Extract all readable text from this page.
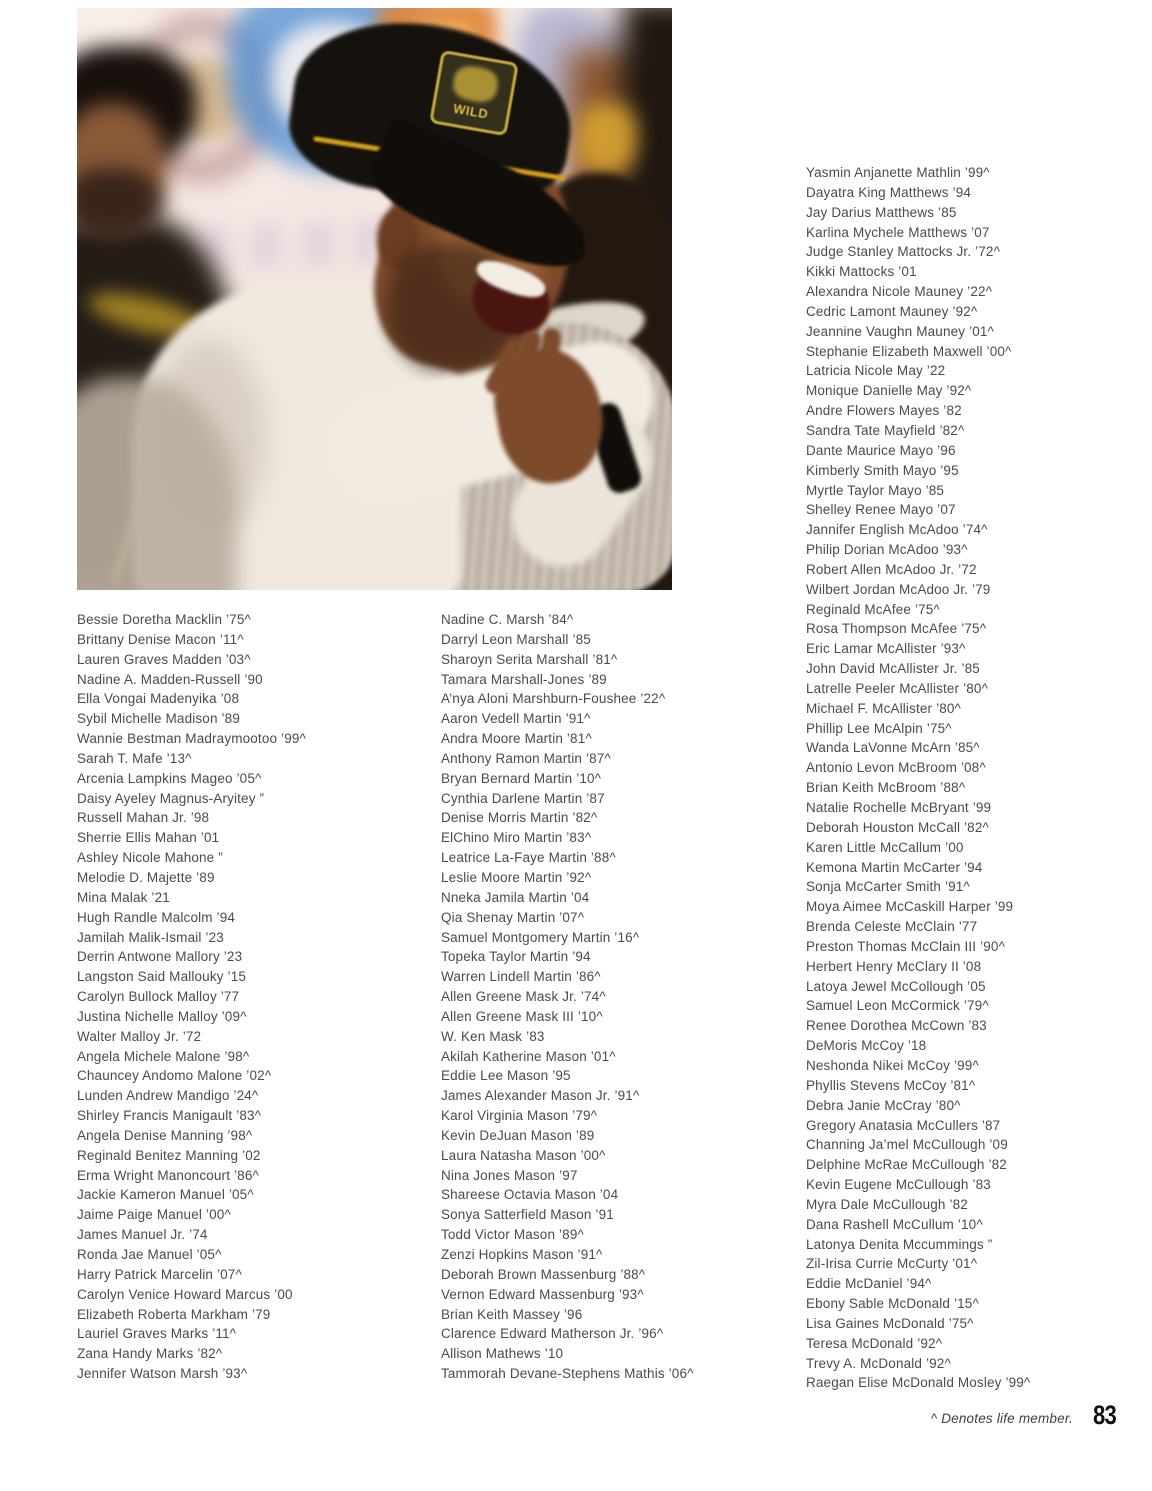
WILD
Bessie Doretha Macklin ’75^
Brittany Denise Macon ’11^
Lauren Graves Madden ’03^
Nadine A. Madden-Russell ’90
Ella Vongai Madenyika ’08
Sybil Michelle Madison ’89
Wannie Bestman Madraymootoo ’99^
Sarah T. Mafe ’13^
Arcenia Lampkins Mageo ’05^
Daisy Ayeley Magnus-Aryitey ”
Russell Mahan Jr. ’98
Sherrie Ellis Mahan ’01
Ashley Nicole Mahone ”
Melodie D. Majette ’89
Mina Malak ’21
Hugh Randle Malcolm ’94
Jamilah Malik-Ismail ’23
Derrin Antwone Mallory ’23
Langston Said Mallouky ’15
Carolyn Bullock Malloy ’77
Justina Nichelle Malloy ’09^
Walter Malloy Jr. ’72
Angela Michele Malone ’98^
Chauncey Andomo Malone ’02^
Lunden Andrew Mandigo ’24^
Shirley Francis Manigault ’83^
Angela Denise Manning ’98^
Reginald Benitez Manning ’02
Erma Wright Manoncourt ’86^
Jackie Kameron Manuel ’05^
Jaime Paige Manuel ’00^
James Manuel Jr. ’74
Ronda Jae Manuel ’05^
Harry Patrick Marcelin ’07^
Carolyn Venice Howard Marcus ’00
Elizabeth Roberta Markham ’79
Lauriel Graves Marks ’11^
Zana Handy Marks ’82^
Jennifer Watson Marsh ’93^
Nadine C. Marsh ’84^
Darryl Leon Marshall ’85
Sharoyn Serita Marshall ’81^
Tamara Marshall-Jones ’89
A’nya Aloni Marshburn-Foushee ’22^
Aaron Vedell Martin ’91^
Andra Moore Martin ’81^
Anthony Ramon Martin ’87^
Bryan Bernard Martin ’10^
Cynthia Darlene Martin ’87
Denise Morris Martin ’82^
ElChino Miro Martin ’83^
Leatrice La-Faye Martin ’88^
Leslie Moore Martin ’92^
Nneka Jamila Martin ’04
Qia Shenay Martin ’07^
Samuel Montgomery Martin ’16^
Topeka Taylor Martin ’94
Warren Lindell Martin ’86^
Allen Greene Mask Jr. ’74^
Allen Greene Mask III ’10^
W. Ken Mask ’83
Akilah Katherine Mason ’01^
Eddie Lee Mason ’95
James Alexander Mason Jr. ’91^
Karol Virginia Mason ’79^
Kevin DeJuan Mason ’89
Laura Natasha Mason ’00^
Nina Jones Mason ’97
Shareese Octavia Mason ’04
Sonya Satterfield Mason ’91
Todd Victor Mason ’89^
Zenzi Hopkins Mason ’91^
Deborah Brown Massenburg ’88^
Vernon Edward Massenburg ’93^
Brian Keith Massey ’96
Clarence Edward Matherson Jr. ’96^
Allison Mathews ’10
Tammorah Devane-Stephens Mathis ’06^
Yasmin Anjanette Mathlin ’99^
Dayatra King Matthews ’94
Jay Darius Matthews ’85
Karlina Mychele Matthews ’07
Judge Stanley Mattocks Jr. ’72^
Kikki Mattocks ’01
Alexandra Nicole Mauney ’22^
Cedric Lamont Mauney ’92^
Jeannine Vaughn Mauney ’01^
Stephanie Elizabeth Maxwell ’00^
Latricia Nicole May ’22
Monique Danielle May ’92^
Andre Flowers Mayes ’82
Sandra Tate Mayfield ’82^
Dante Maurice Mayo ’96
Kimberly Smith Mayo ’95
Myrtle Taylor Mayo ’85
Shelley Renee Mayo ’07
Jannifer English McAdoo ’74^
Philip Dorian McAdoo ’93^
Robert Allen McAdoo Jr. ’72
Wilbert Jordan McAdoo Jr. ’79
Reginald McAfee ’75^
Rosa Thompson McAfee ’75^
Eric Lamar McAllister ’93^
John David McAllister Jr. ’85
Latrelle Peeler McAllister ’80^
Michael F. McAllister ’80^
Phillip Lee McAlpin ’75^
Wanda LaVonne McArn ’85^
Antonio Levon McBroom ’08^
Brian Keith McBroom ’88^
Natalie Rochelle McBryant ’99
Deborah Houston McCall ’82^
Karen Little McCallum ’00
Kemona Martin McCarter ’94
Sonja McCarter Smith ’91^
Moya Aimee McCaskill Harper ’99
Brenda Celeste McClain ’77
Preston Thomas McClain III ’90^
Herbert Henry McClary II ’08
Latoya Jewel McCollough ’05
Samuel Leon McCormick ’79^
Renee Dorothea McCown ’83
DeMoris McCoy ’18
Neshonda Nikei McCoy ’99^
Phyllis Stevens McCoy ’81^
Debra Janie McCray ’80^
Gregory Anatasia McCullers ’87
Channing Ja’mel McCullough ’09
Delphine McRae McCullough ’82
Kevin Eugene McCullough ’83
Myra Dale McCullough ’82
Dana Rashell McCullum ’10^
Latonya Denita Mccummings ”
Zil-Irisa Currie McCurty ’01^
Eddie McDaniel ’94^
Ebony Sable McDonald ’15^
Lisa Gaines McDonald ’75^
Teresa McDonald ’92^
Trevy A. McDonald ’92^
Raegan Elise McDonald Mosley ’99^
^ Denotes life member. 83
